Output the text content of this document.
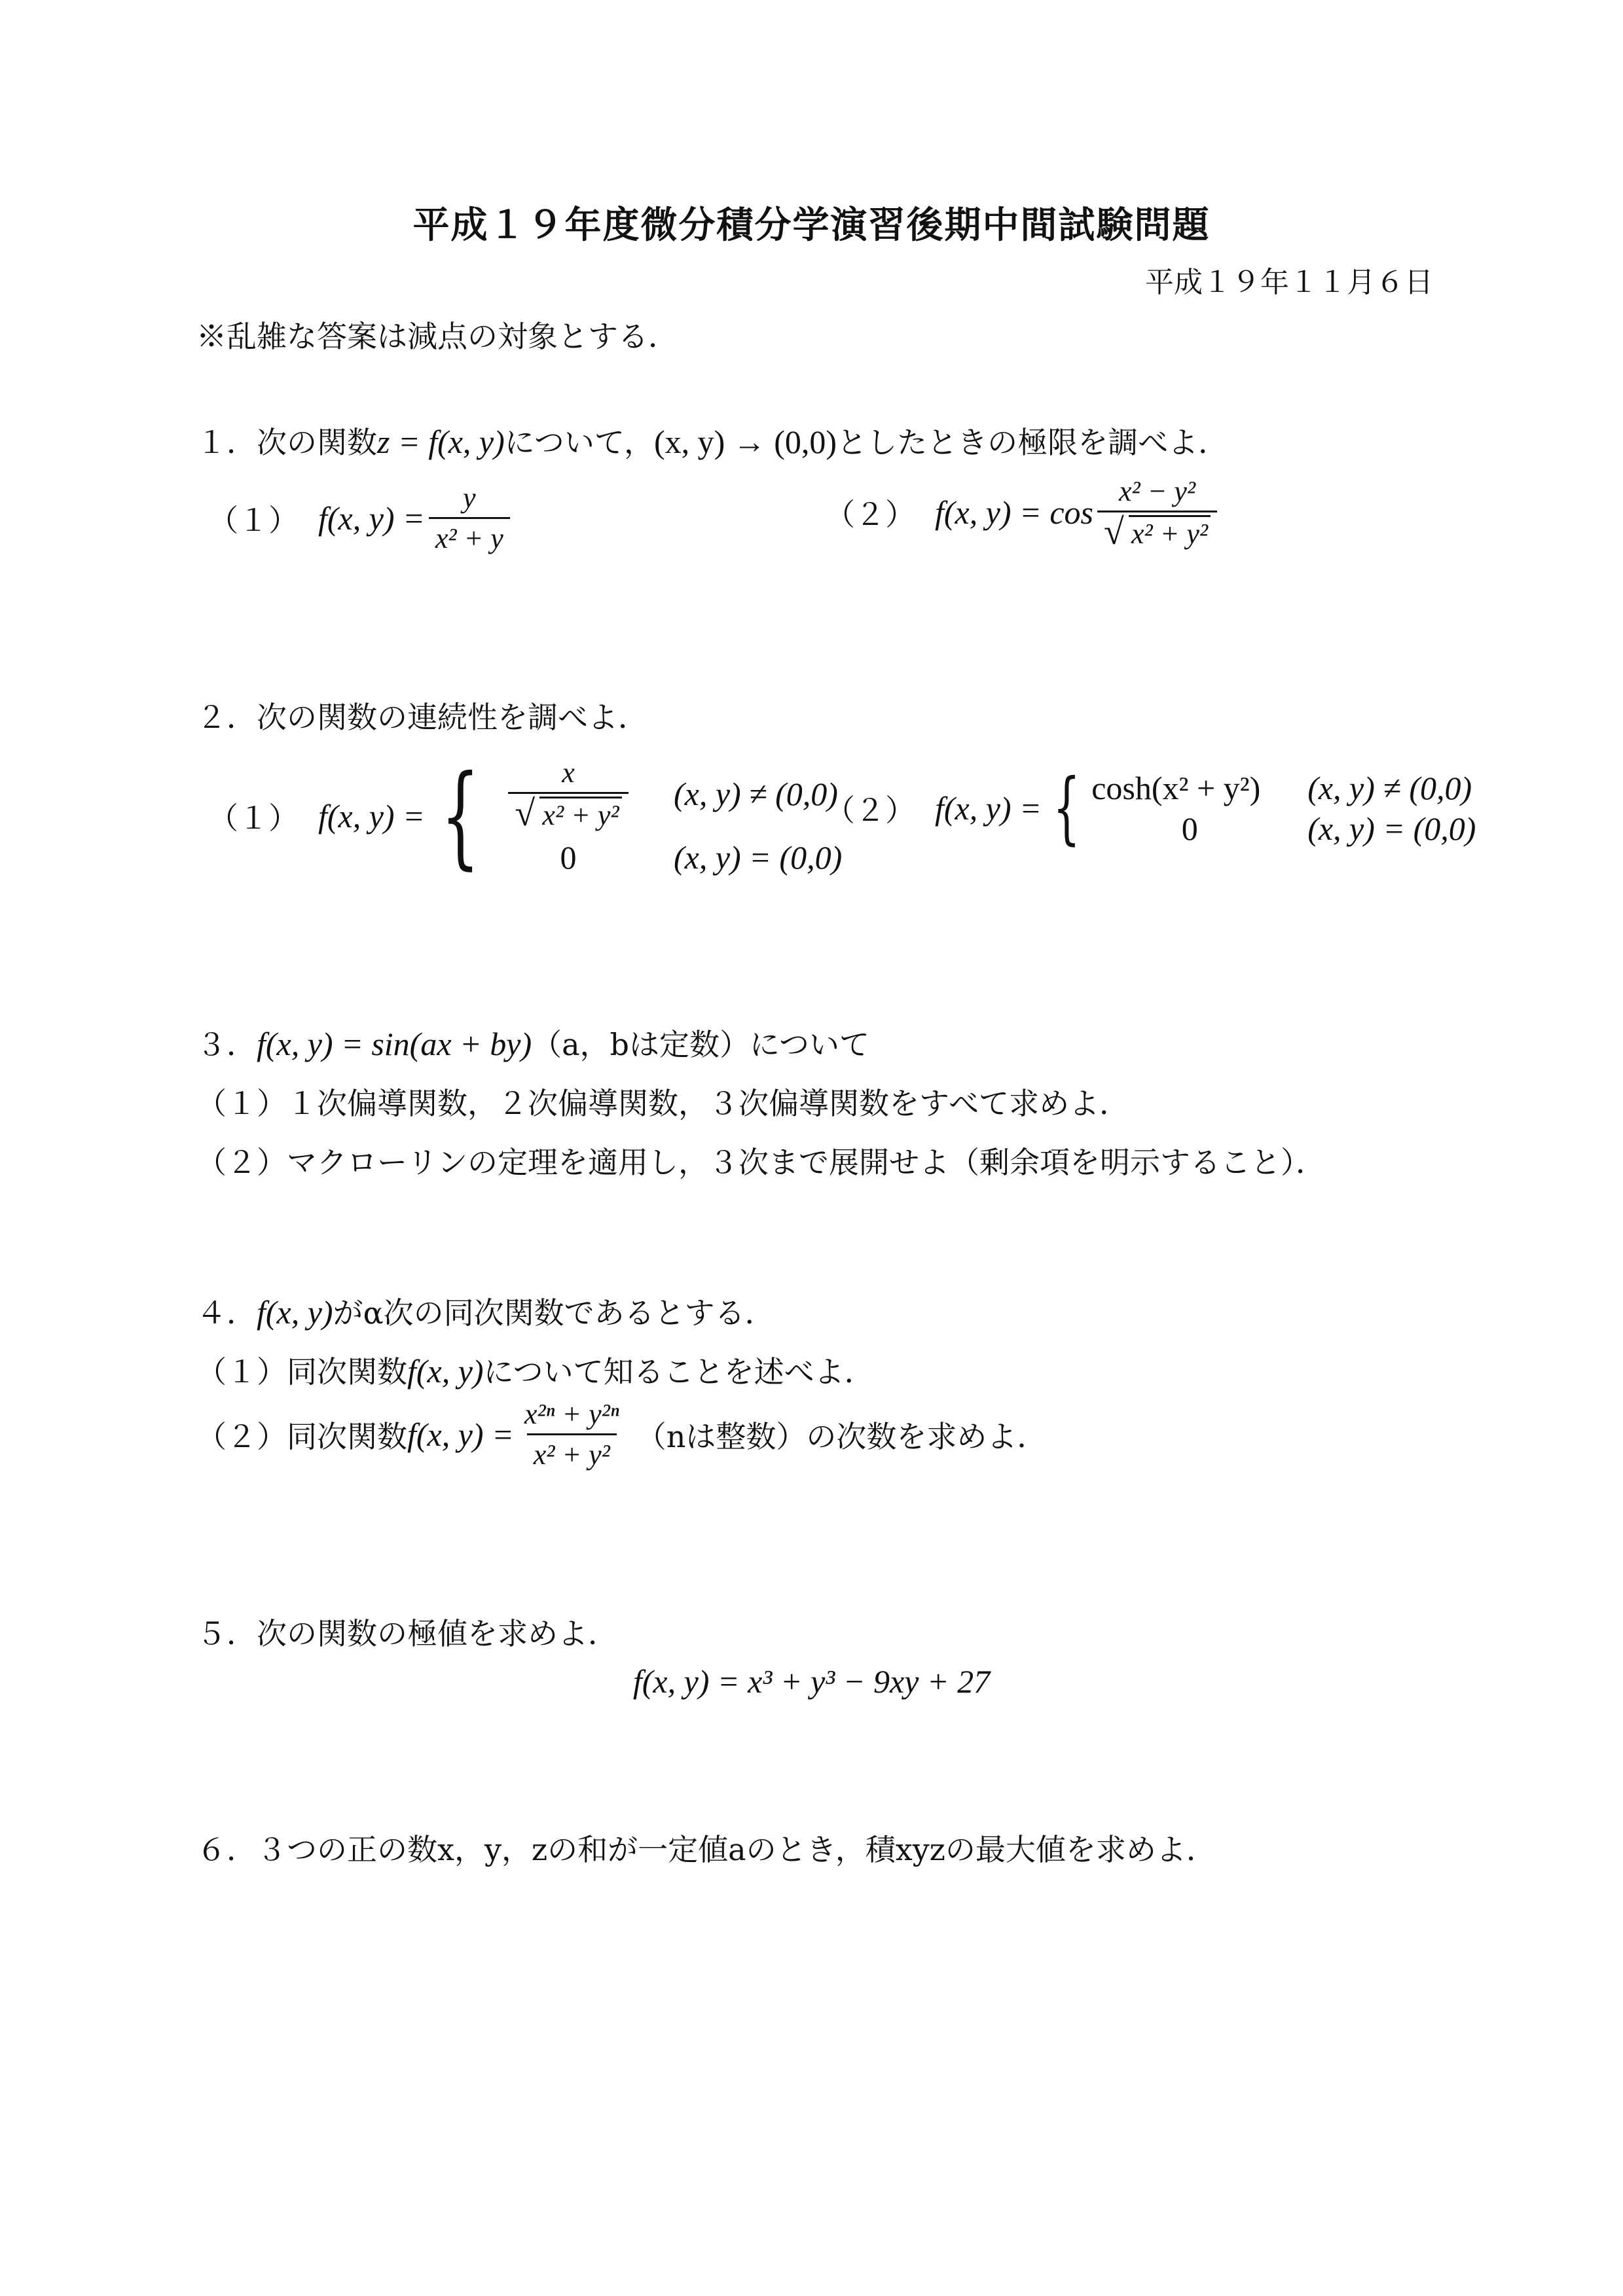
平成１９年度微分積分学演習後期中間試験問題
平成１９年１１月６日
※乱雑な答案は減点の対象とする．
１．次の関数z = f(x, y)について，(x, y) → (0,0)としたときの極限を調べよ．
（１） f(x, $y) = \frac{y}{\text{x² + y}}$	（２） f(x, $y) = \cos \frac{\text{x² − y²}}{\text{√ x² + y²}}$
２．次の関数の連続性を調べよ．
（１） f(x, y) = { $\frac{x}{\text{√ x² + y²}} (x$, y) ≠ (0,0)
0	(x, y) = (0,0)
（２） f(x, y) = { cosh(x² + y²)	(x, y) ≠ (0,0)
0	(x, y) = (0,0)
３．f(x, y) = sin(ax + by)（a，bは定数）について
（１）１次偏導関数，２次偏導関数，３次偏導関数をすべて求めよ．
（２）マクローリンの定理を適用し，３次まで展開せよ（剰余項を明示すること）．
４．f(x, y)がα次の同次関数であるとする．
（１）同次関数f(x, y)について知ることを述べよ．
（２）同次関数 f(x, $y) = \frac{\text{x²ⁿ + y²ⁿ}}{\text{x² + y²}} (n$は整数）の次数を求めよ．
５．次の関数の極値を求めよ．
f(x, y) = x³ + y³ − 9xy + 27
６．３つの正の数x，y，zの和が一定値aのとき，積xyzの最大値を求めよ．
